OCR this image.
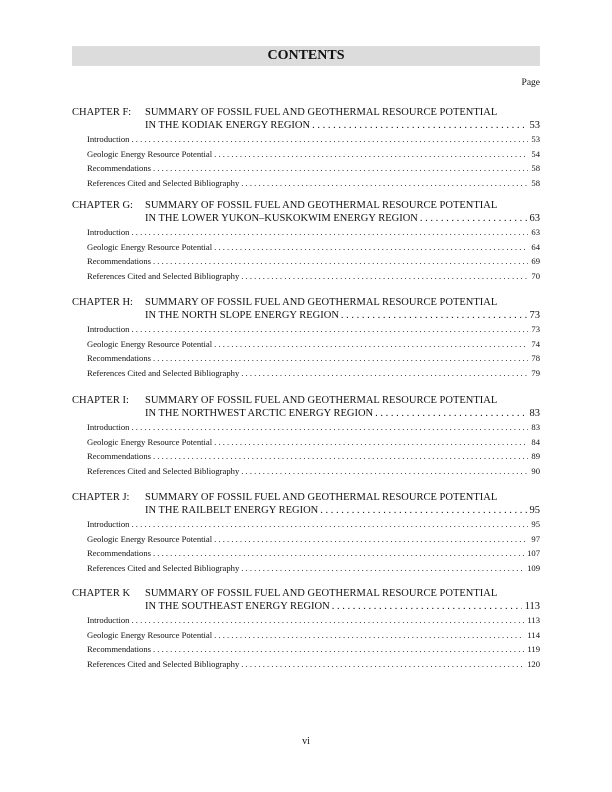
CONTENTS
Page
CHAPTER F:	SUMMARY OF FOSSIL FUEL AND GEOTHERMAL RESOURCE POTENTIAL
IN THE KODIAK ENERGY REGION . . .	53
Introduction . . .	53
Geologic Energy Resource Potential . . .	54
Recommendations . . .	58
References Cited and Selected Bibliography . . .	58
CHAPTER G:	SUMMARY OF FOSSIL FUEL AND GEOTHERMAL RESOURCE POTENTIAL
IN THE LOWER YUKON–KUSKOKWIM ENERGY REGION . . .	63
Introduction . . .	63
Geologic Energy Resource Potential . . .	64
Recommendations . . .	69
References Cited and Selected Bibliography . . .	70
CHAPTER H:	SUMMARY OF FOSSIL FUEL AND GEOTHERMAL RESOURCE POTENTIAL
IN THE NORTH SLOPE ENERGY REGION . . .	73
Introduction . . .	73
Geologic Energy Resource Potential . . .	74
Recommendations . . .	78
References Cited and Selected Bibliography . . .	79
CHAPTER I:	SUMMARY OF FOSSIL FUEL AND GEOTHERMAL RESOURCE POTENTIAL
IN THE NORTHWEST ARCTIC ENERGY REGION . . .	83
Introduction . . .	83
Geologic Energy Resource Potential . . .	84
Recommendations . . .	89
References Cited and Selected Bibliography . . .	90
CHAPTER J:	SUMMARY OF FOSSIL FUEL AND GEOTHERMAL RESOURCE POTENTIAL
IN THE RAILBELT ENERGY REGION . . .	95
Introduction . . .	95
Geologic Energy Resource Potential . . .	97
Recommendations . . .	107
References Cited and Selected Bibliography . . .	109
CHAPTER K	SUMMARY OF FOSSIL FUEL AND GEOTHERMAL RESOURCE POTENTIAL
IN THE SOUTHEAST ENERGY REGION . . .	113
Introduction . . .	113
Geologic Energy Resource Potential . . .	114
Recommendations . . .	119
References Cited and Selected Bibliography . . .	120
vi
